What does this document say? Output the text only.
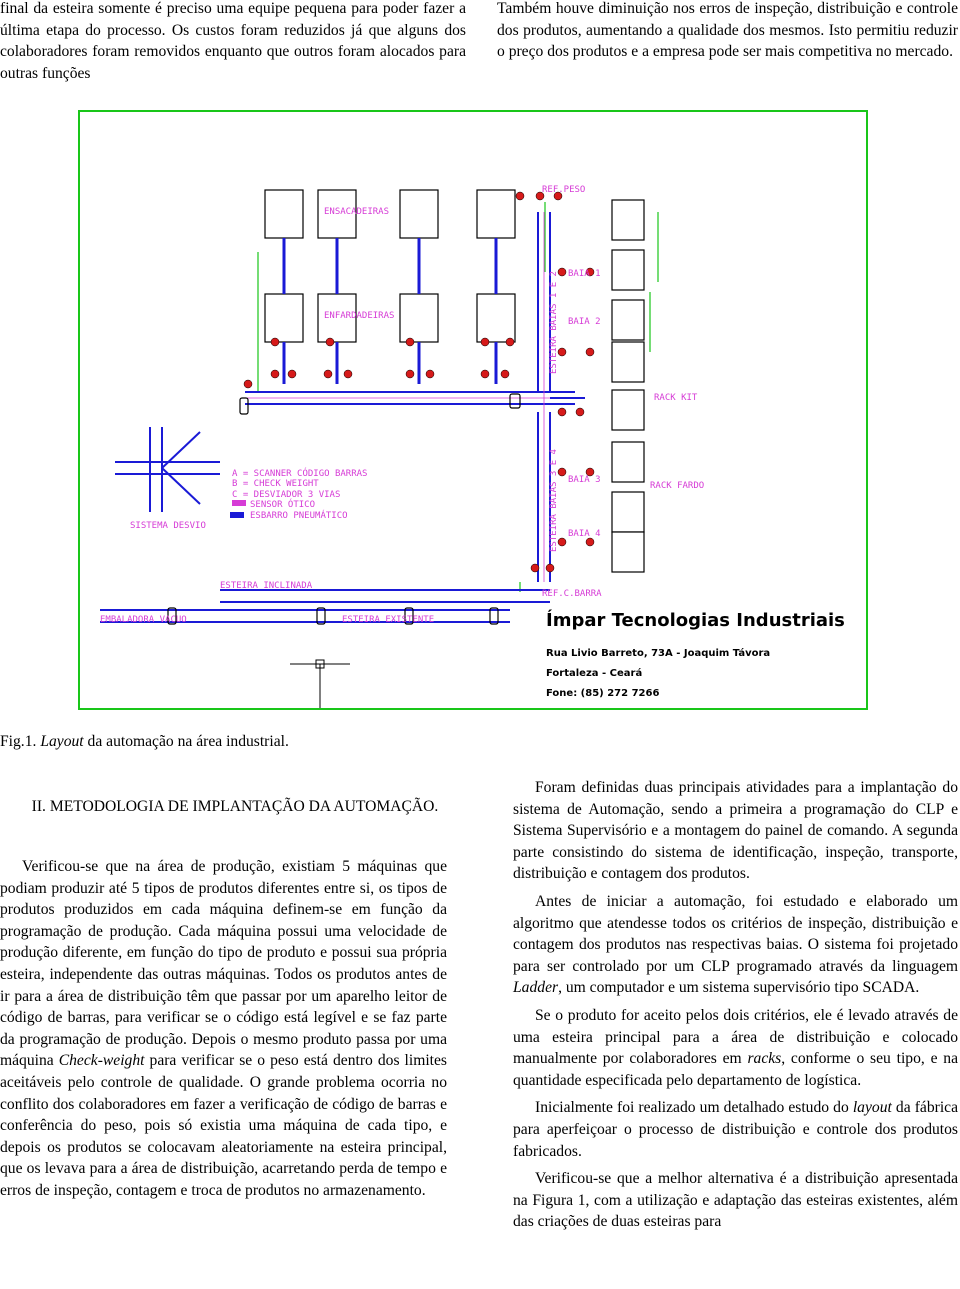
final da esteira somente é preciso uma equipe pequena para poder fazer a última etapa do processo. Os custos foram reduzidos já que alguns dos colaboradores foram removidos enquanto que outros foram alocados para outras funções

Também houve diminuição nos erros de inspeção, distribuição e controle dos produtos, aumentando a qualidade dos mesmos. Isto permitiu reduzir o preço dos produtos e a empresa pode ser mais competitiva no mercado.

ENSACADEIRAS
ENFARDADEIRAS
REF.PESO
BAIA 1
BAIA 2
BAIA 3
BAIA 4
ESTEIRA BAIAS 1 E 2
ESTEIRA BAIAS 3 E 4
RACK KIT
RACK FARDO
A = SCANNER CÓDIGO BARRAS
B = CHECK WEIGHT
C = DESVIADOR 3 VIAS
SENSOR ÓTICO
ESBARRO PNEUMÁTICO
SISTEMA DESVIO
ESTEIRA INCLINADA
EMBALADORA VACUO	ESTEIRA EXISTENTE
REF.C.BARRA
Ímpar Tecnologias Industriais
Rua Livio Barreto, 73A - Joaquim Távora
Fortaleza - Ceará
Fone: (85) 272 7266
Fig.1. Layout da automação na área industrial.
II. METODOLOGIA DE IMPLANTAÇÃO DA AUTOMAÇÃO.

Verificou-se que na área de produção, existiam 5 máquinas que podiam produzir até 5 tipos de produtos diferentes entre si, os tipos de produtos produzidos em cada máquina definem-se em função da programação de produção. Cada máquina possui uma velocidade de produção diferente, em função do tipo de produto e possui sua própria esteira, independente das outras máquinas. Todos os produtos antes de ir para a área de distribuição têm que passar por um aparelho leitor de código de barras, para verificar se o código está legível e se faz parte da programação de produção. Depois o mesmo produto passa por uma máquina Check-weight para verificar se o peso está dentro dos limites aceitáveis pelo controle de qualidade. O grande problema ocorria no conflito dos colaboradores em fazer a verificação de código de barras e conferência do peso, pois só existia uma máquina de cada tipo, e depois os produtos se colocavam aleatoriamente na esteira principal, que os levava para a área de distribuição, acarretando perda de tempo e erros de inspeção, contagem e troca de produtos no armazenamento.

Foram definidas duas principais atividades para a implantação do sistema de Automação, sendo a primeira a programação do CLP e Sistema Supervisório e a montagem do painel de comando. A segunda parte consistindo do sistema de identificação, inspeção, transporte, distribuição e contagem dos produtos.

Antes de iniciar a automação, foi estudado e elaborado um algoritmo que atendesse todos os critérios de inspeção, distribuição e contagem dos produtos nas respectivas baias. O sistema foi projetado para ser controlado por um CLP programado através da linguagem Ladder, um computador e um sistema supervisório tipo SCADA.

Se o produto for aceito pelos dois critérios, ele é levado através de uma esteira principal para a área de distribuição e colocado manualmente por colaboradores em racks, conforme o seu tipo, e na quantidade especificada pelo departamento de logística.

Inicialmente foi realizado um detalhado estudo do layout da fábrica para aperfeiçoar o processo de distribuição e controle dos produtos fabricados.

Verificou-se que a melhor alternativa é a distribuição apresentada na Figura 1, com a utilização e adaptação das esteiras existentes, além das criações de duas esteiras para
